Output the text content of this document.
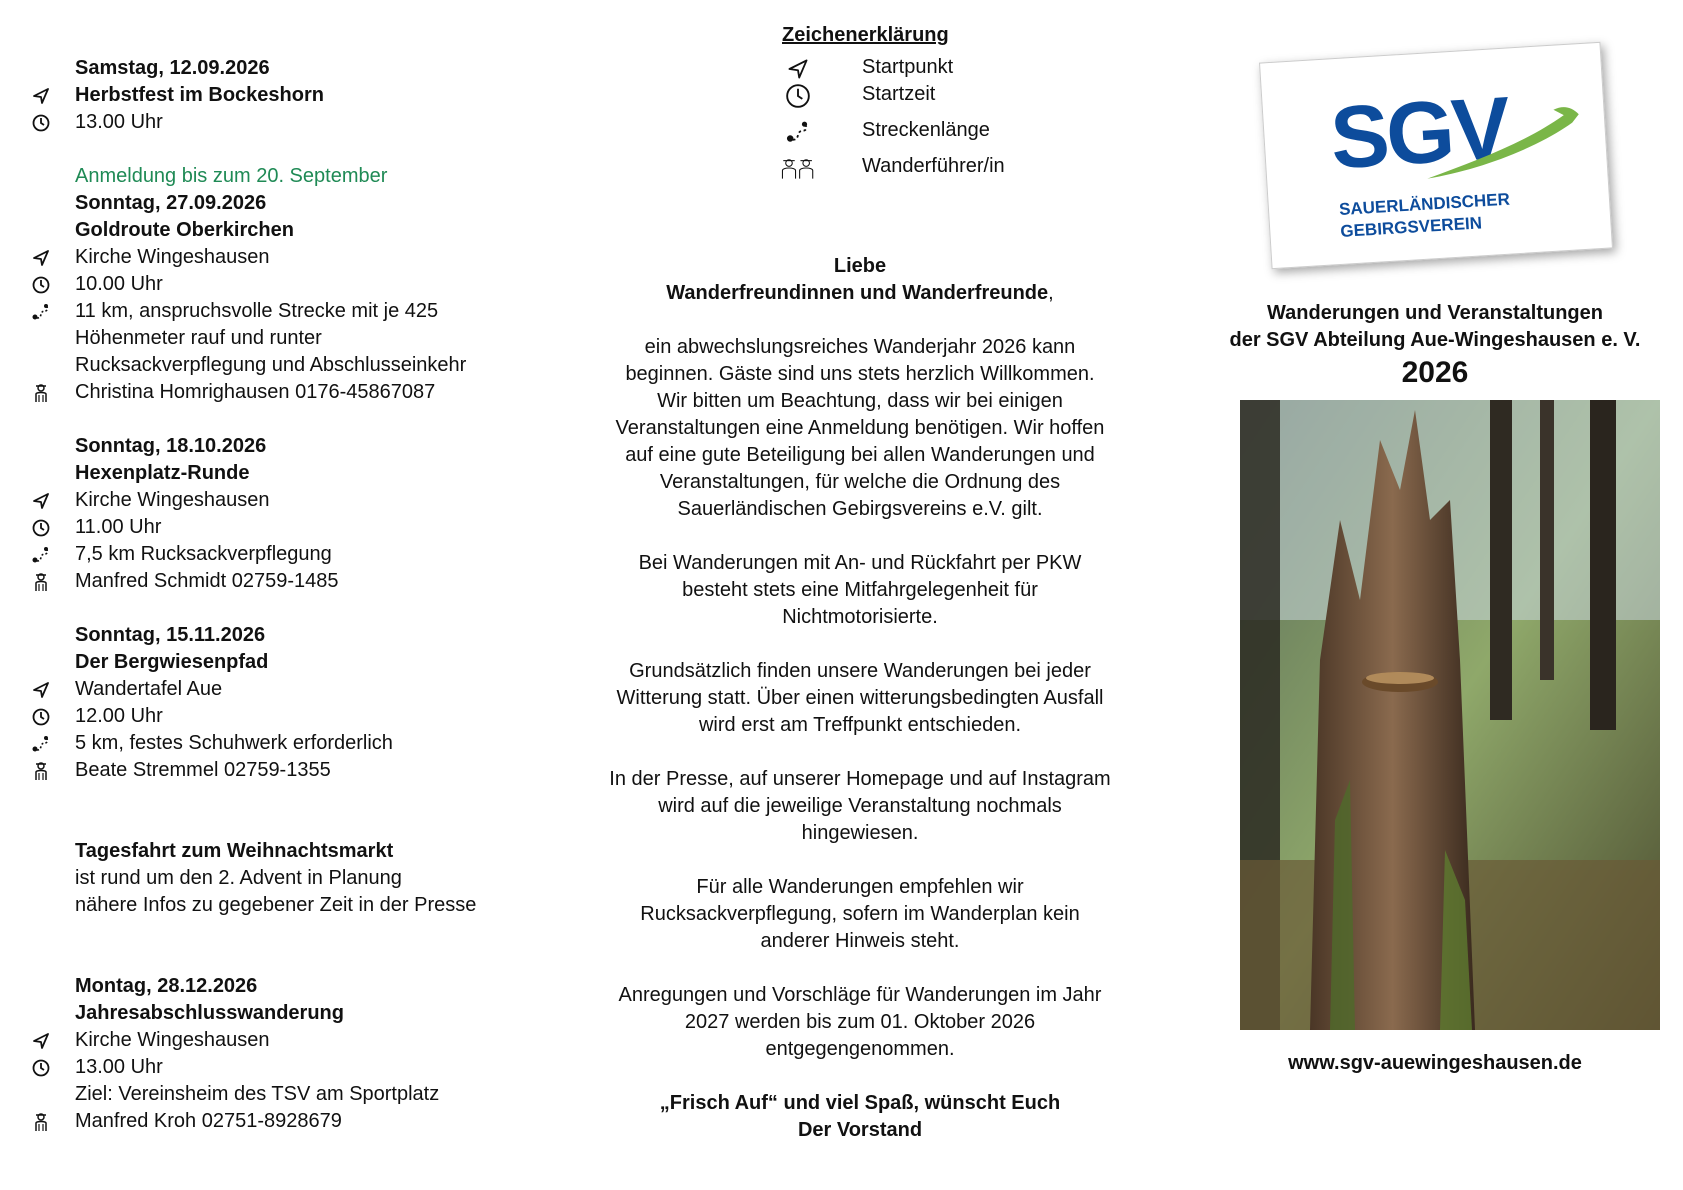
Samstag, 12.09.2026
Herbstfest im Bockeshorn
13.00 Uhr
Anmeldung bis zum 20. September
Sonntag, 27.09.2026
Goldroute Oberkirchen
Kirche Wingeshausen
10.00 Uhr
11 km, anspruchsvolle Strecke mit je 425
Höhenmeter rauf und runter
Rucksackverpflegung und Abschlusseinkehr
Christina Homrighausen 0176-45867087
Sonntag, 18.10.2026
Hexenplatz-Runde
Kirche Wingeshausen
11.00 Uhr
7,5 km Rucksackverpflegung
Manfred Schmidt 02759-1485
Sonntag, 15.11.2026
Der Bergwiesenpfad
Wandertafel Aue
12.00 Uhr
5 km, festes Schuhwerk erforderlich
Beate Stremmel 02759-1355
Tagesfahrt zum Weihnachtsmarkt
ist rund um den 2. Advent in Planung
nähere Infos zu gegebener Zeit in der Presse
Montag, 28.12.2026
Jahresabschlusswanderung
Kirche Wingeshausen
13.00 Uhr
Ziel: Vereinsheim des TSV am Sportplatz
Manfred Kroh 02751-8928679
Zeichenerklärung
Startpunkt
Startzeit
Streckenlänge
Wanderführer/in
Liebe
Wanderfreundinnen und Wanderfreunde,
ein abwechslungsreiches Wanderjahr 2026 kann
beginnen. Gäste sind uns stets herzlich Willkommen.
Wir bitten um Beachtung, dass wir bei einigen
Veranstaltungen eine Anmeldung benötigen. Wir hoffen
auf eine gute Beteiligung bei allen Wanderungen und
Veranstaltungen, für welche die Ordnung des
Sauerländischen Gebirgsvereins e.V. gilt.
Bei Wanderungen mit An- und Rückfahrt per PKW
besteht stets eine Mitfahrgelegenheit für
Nichtmotorisierte.
Grundsätzlich finden unsere Wanderungen bei jeder
Witterung statt. Über einen witterungsbedingten Ausfall
wird erst am Treffpunkt entschieden.
In der Presse, auf unserer Homepage und auf Instagram
wird auf die jeweilige Veranstaltung nochmals
hingewiesen.
Für alle Wanderungen empfehlen wir
Rucksackverpflegung, sofern im Wanderplan kein
anderer Hinweis steht.
Anregungen und Vorschläge für Wanderungen im Jahr
2027 werden bis zum 01. Oktober 2026
entgegengenommen.
„Frisch Auf“ und viel Spaß, wünscht Euch
Der Vorstand
SGV
SAUERLÄNDISCHER
GEBIRGSVEREIN
Wanderungen und Veranstaltungen
der SGV Abteilung Aue-Wingeshausen e. V.
2026
www.sgv-auewingeshausen.de
